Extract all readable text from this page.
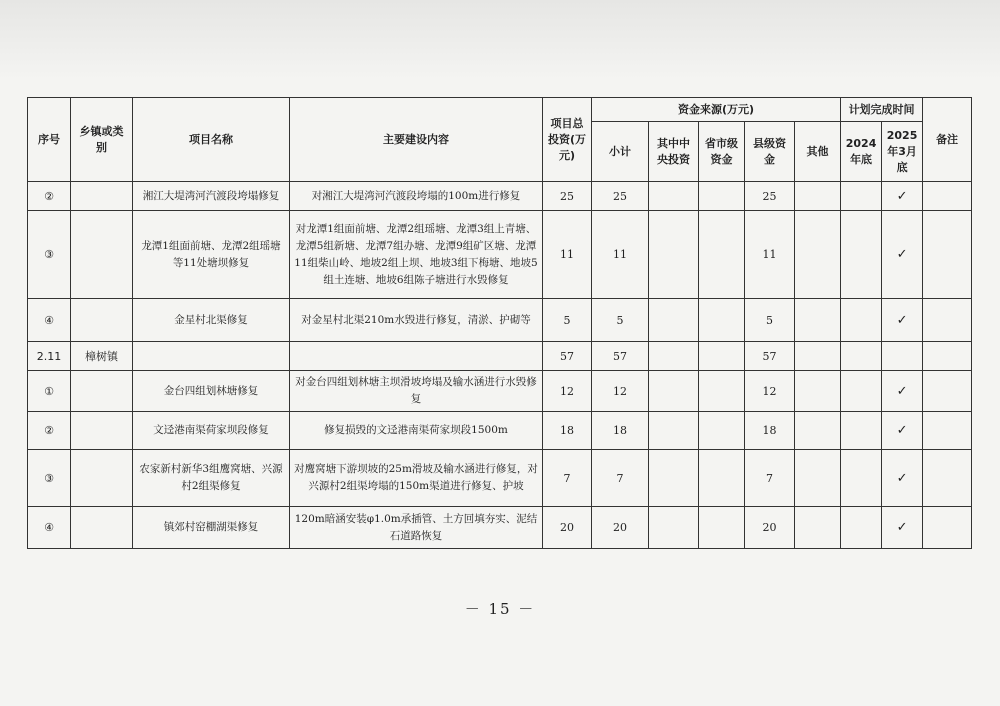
序号	乡镇或类别	项目名称	主要建设内容	项目总投资(万元)	资金来源(万元)					计划完成时间		备注
					小计	其中中央投资	省市级资金	县级资金	其他	2024年底	2025年3月底	
②		湘江大堤湾河汽渡段垮塌修复	对湘江大堤湾河汽渡段垮塌的100m进行修复	25	25			25			✓	
③		龙潭1组面前塘、龙潭2组瑶塘等11处塘坝修复	对龙潭1组面前塘、龙潭2组瑶塘、龙潭3组上青塘、龙潭5组新塘、龙潭7组办塘、龙潭9组矿区塘、龙潭11组柴山岭、地坡2组上坝、地坡3组下梅塘、地坡5组土连塘、地坡6组陈子塘进行水毁修复	11	11			11			✓	
④		金星村北渠修复	对金星村北渠210m水毁进行修复，清淤、护砌等	5	5			5			✓	
2.11	樟树镇			57	57			57				
①		金台四组划林塘修复	对金台四组划林塘主坝滑坡垮塌及输水涵进行水毁修复	12	12			12			✓	
②		文迳港南渠荷家坝段修复	修复损毁的文迳港南渠荷家坝段1500m	18	18			18			✓	
③		农家新村新华3组鹰窝塘、兴源村2组渠修复	对鹰窝塘下游坝坡的25m滑坡及输水涵进行修复，对兴源村2组渠垮塌的150m渠道进行修复、护坡	7	7			7			✓	
④		镇郊村窑棚湖渠修复	120m暗涵安装φ1.0m承插管、土方回填夯实、泥结石道路恢复	20	20			20			✓	
－ 15 －
